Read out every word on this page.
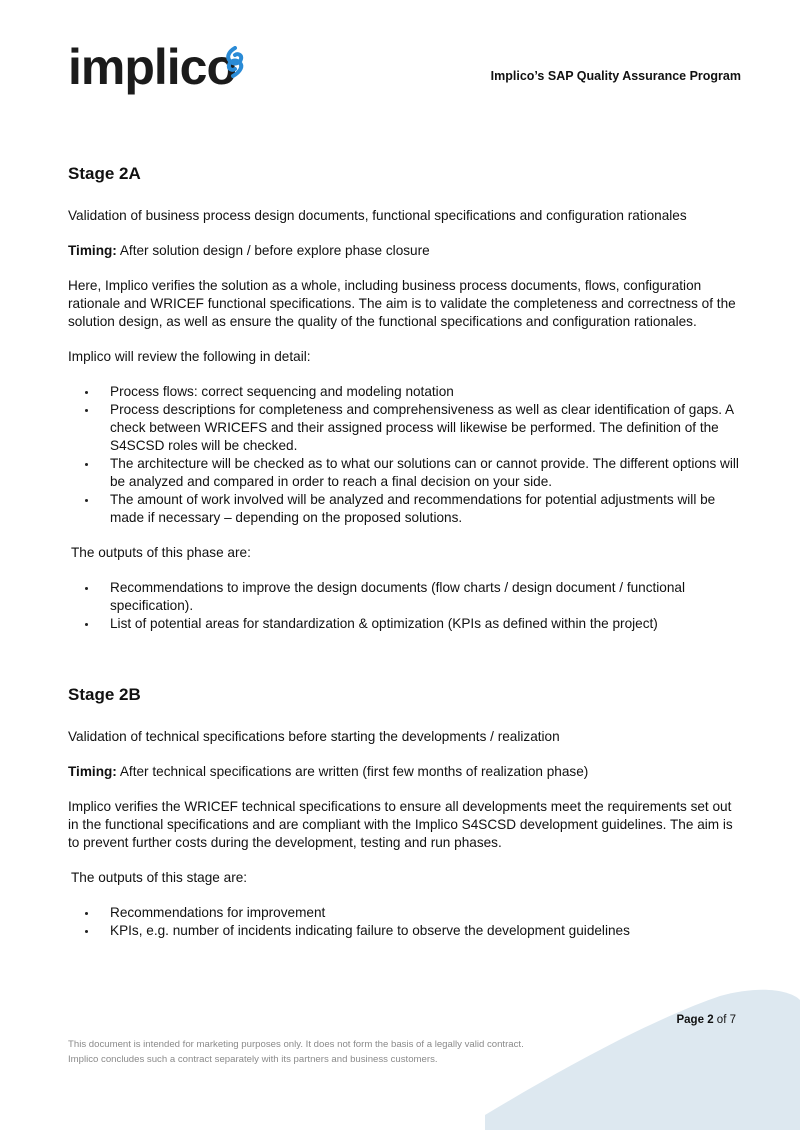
implico	Implico’s SAP Quality Assurance Program
Stage 2A

Validation of business process design documents, functional specifications and configuration rationales

Timing: After solution design / before explore phase closure

Here, Implico verifies the solution as a whole, including business process documents, flows, configuration rationale and WRICEF functional specifications. The aim is to validate the completeness and correctness of the solution design, as well as ensure the quality of the functional specifications and configuration rationales.

Implico will review the following in detail:

Process flows: correct sequencing and modeling notation
Process descriptions for completeness and comprehensiveness as well as clear identification of gaps. A check between WRICEFS and their assigned process will likewise be performed. The definition of the S4SCSD roles will be checked.
The architecture will be checked as to what our solutions can or cannot provide. The different options will be analyzed and compared in order to reach a final decision on your side.
The amount of work involved will be analyzed and recommendations for potential adjustments will be made if necessary – depending on the proposed solutions.

The outputs of this phase are:

Recommendations to improve the design documents (flow charts / design document / functional specification).
List of potential areas for standardization & optimization (KPIs as defined within the project)
Stage 2B

Validation of technical specifications before starting the developments / realization

Timing: After technical specifications are written (first few months of realization phase)

Implico verifies the WRICEF technical specifications to ensure all developments meet the requirements set out in the functional specifications and are compliant with the Implico S4SCSD development guidelines. The aim is to prevent further costs during the development, testing and run phases.

The outputs of this stage are:

Recommendations for improvement
KPIs, e.g. number of incidents indicating failure to observe the development guidelines
Page 2 of 7
This document is intended for marketing purposes only. It does not form the basis of a legally valid contract.
Implico concludes such a contract separately with its partners and business customers.
